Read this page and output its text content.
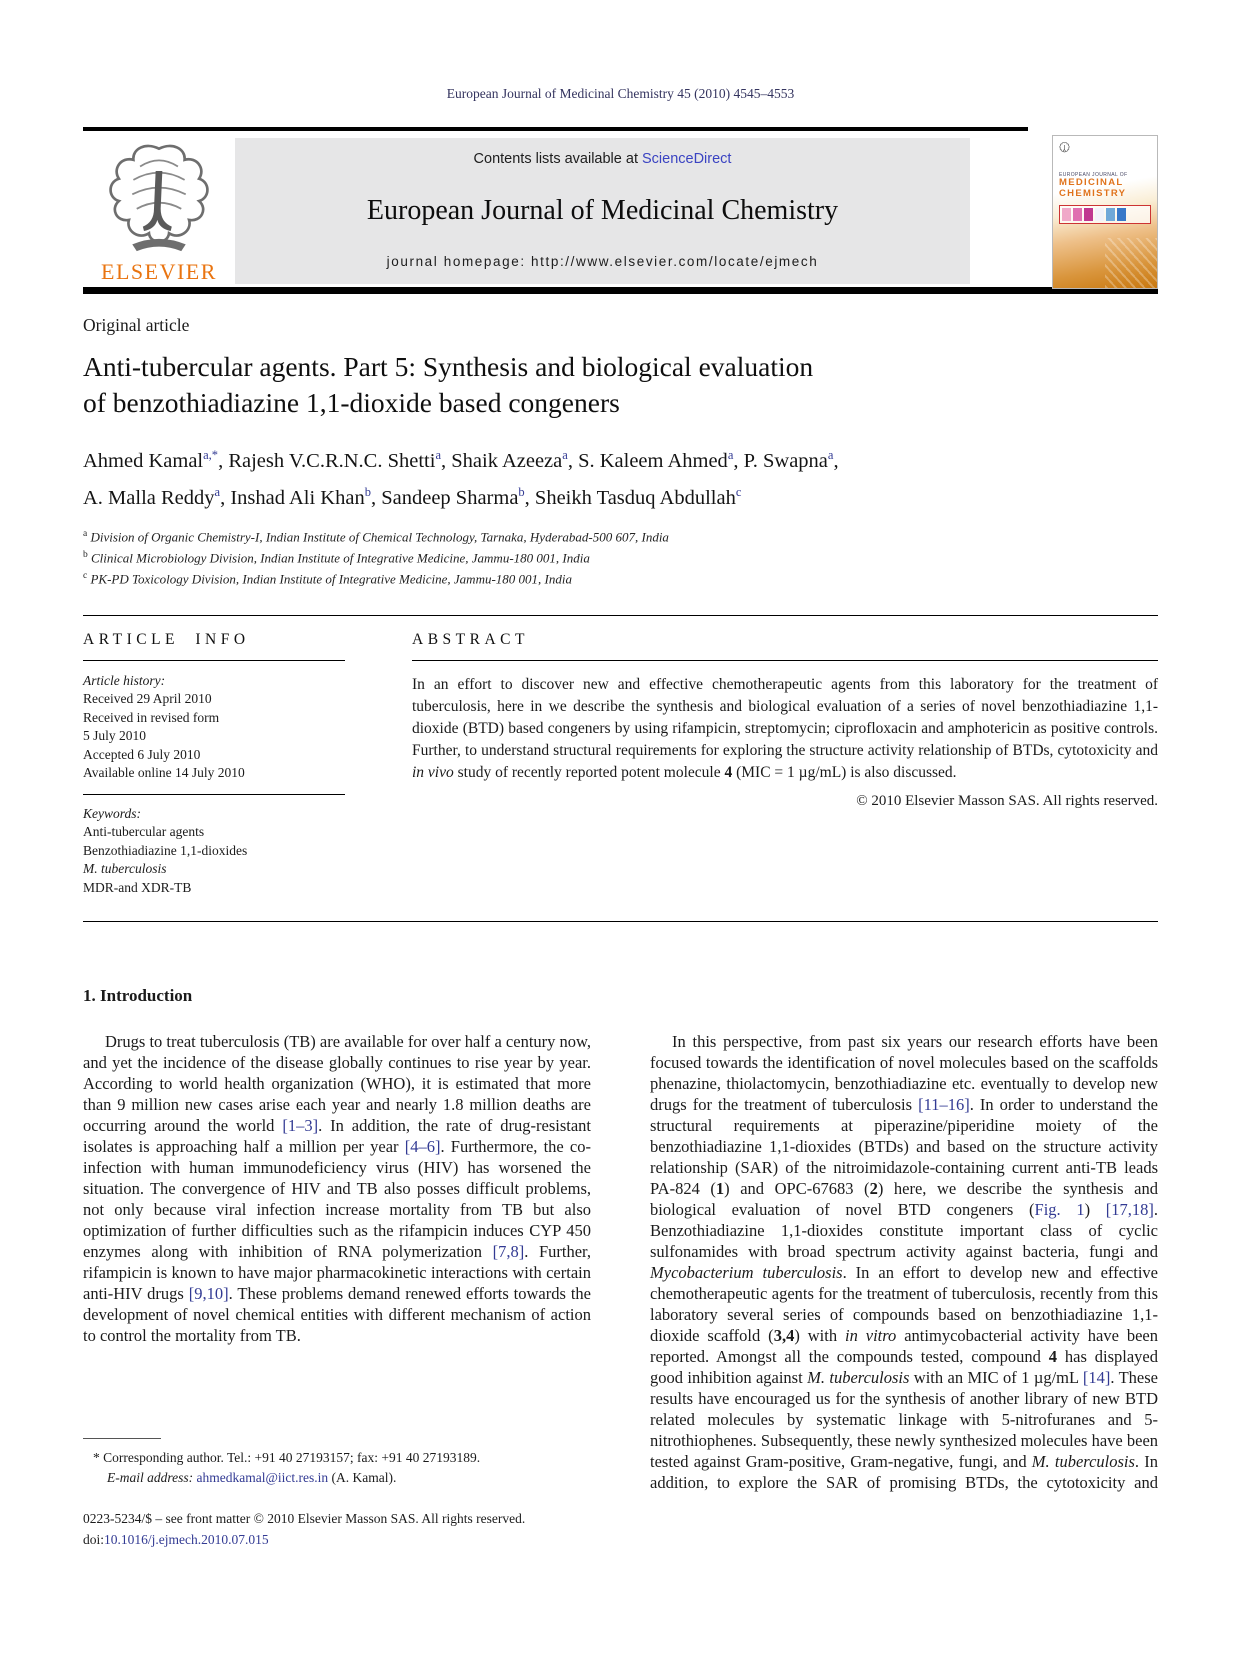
European Journal of Medicinal Chemistry 45 (2010) 4545–4553
ELSEVIER
Contents lists available at ScienceDirect
European Journal of Medicinal Chemistry
journal homepage: http://www.elsevier.com/locate/ejmech
EUROPEAN JOURNAL OF
MEDICINAL
CHEMISTRY
Original article
Anti-tubercular agents. Part 5: Synthesis and biological evaluation
of benzothiadiazine 1,1-dioxide based congeners
Ahmed Kamal$^{a,*}$, Rajesh V.C.R.N.C. Shetti$^a$, Shaik Azeeza$^a$, S. Kaleem Ahmed$^a$, P. Swapna$^a$,
A. Malla Reddy$^a$, Inshad Ali Khan$^b$, Sandeep Sharma$^b$, Sheikh Tasduq Abdullah$^c$
$^a$ Division of Organic Chemistry-I, Indian Institute of Chemical Technology, Tarnaka, Hyderabad-500 607, India
$^b$ Clinical Microbiology Division, Indian Institute of Integrative Medicine, Jammu-180 001, India
$^c$ PK-PD Toxicology Division, Indian Institute of Integrative Medicine, Jammu-180 001, India
ARTICLE INFO
Article history:
Received 29 April 2010
Received in revised form
5 July 2010
Accepted 6 July 2010
Available online 14 July 2010
Keywords:
Anti-tubercular agents
Benzothiadiazine 1,1-dioxides
M. tuberculosis
MDR-and XDR-TB
ABSTRACT
In an effort to discover new and effective chemotherapeutic agents from this laboratory for the treatment of tuberculosis, here in we describe the synthesis and biological evaluation of a series of novel benzothiadiazine 1,1-dioxide (BTD) based congeners by using rifampicin, streptomycin; ciprofloxacin and amphotericin as positive controls. Further, to understand structural requirements for exploring the structure activity relationship of BTDs, cytotoxicity and in vivo study of recently reported potent molecule 4 (MIC = 1 µg/mL) is also discussed.
© 2010 Elsevier Masson SAS. All rights reserved.
1. Introduction

Drugs to treat tuberculosis (TB) are available for over half a century now, and yet the incidence of the disease globally continues to rise year by year. According to world health organization (WHO), it is estimated that more than 9 million new cases arise each year and nearly 1.8 million deaths are occurring around the world [1–3]. In addition, the rate of drug-resistant isolates is approaching half a million per year [4–6]. Furthermore, the co-infection with human immunodeficiency virus (HIV) has worsened the situation. The convergence of HIV and TB also posses difficult problems, not only because viral infection increase mortality from TB but also optimization of further difficulties such as the rifampicin induces CYP 450 enzymes along with inhibition of RNA polymerization [7,8]. Further, rifampicin is known to have major pharmacokinetic interactions with certain anti-HIV drugs [9,10]. These problems demand renewed efforts towards the development of novel chemical entities with different mechanism of action to control the mortality from TB.

In this perspective, from past six years our research efforts have been focused towards the identification of novel molecules based on the scaffolds phenazine, thiolactomycin, benzothiadiazine etc. eventually to develop new drugs for the treatment of tuberculosis [11–16]. In order to understand the structural requirements at piperazine/piperidine moiety of the benzothiadiazine 1,1-dioxides (BTDs) and based on the structure activity relationship (SAR) of the nitroimidazole-containing current anti-TB leads PA-824 (1) and OPC-67683 (2) here, we describe the synthesis and biological evaluation of novel BTD congeners (Fig. 1) [17,18]. Benzothiadiazine 1,1-dioxides constitute important class of cyclic sulfonamides with broad spectrum activity against bacteria, fungi and Mycobacterium tuberculosis. In an effort to develop new and effective chemotherapeutic agents for the treatment of tuberculosis, recently from this laboratory several series of compounds based on benzothiadiazine 1,1-dioxide scaffold (3,4) with in vitro antimycobacterial activity have been reported. Amongst all the compounds tested, compound 4 has displayed good inhibition against M. tuberculosis with an MIC of 1 µg/mL [14]. These results have encouraged us for the synthesis of another library of new BTD related molecules by systematic linkage with 5-nitrofuranes and 5-nitrothiophenes. Subsequently, these newly synthesized molecules have been tested against Gram-positive, Gram-negative, fungi, and M. tuberculosis. In addition, to explore the SAR of promising BTDs, the cytotoxicity and

* Corresponding author. Tel.: +91 40 27193157; fax: +91 40 27193189.
E-mail address: ahmedkamal@iict.res.in (A. Kamal).
0223-5234/$ – see front matter © 2010 Elsevier Masson SAS. All rights reserved.
doi:10.1016/j.ejmech.2010.07.015
